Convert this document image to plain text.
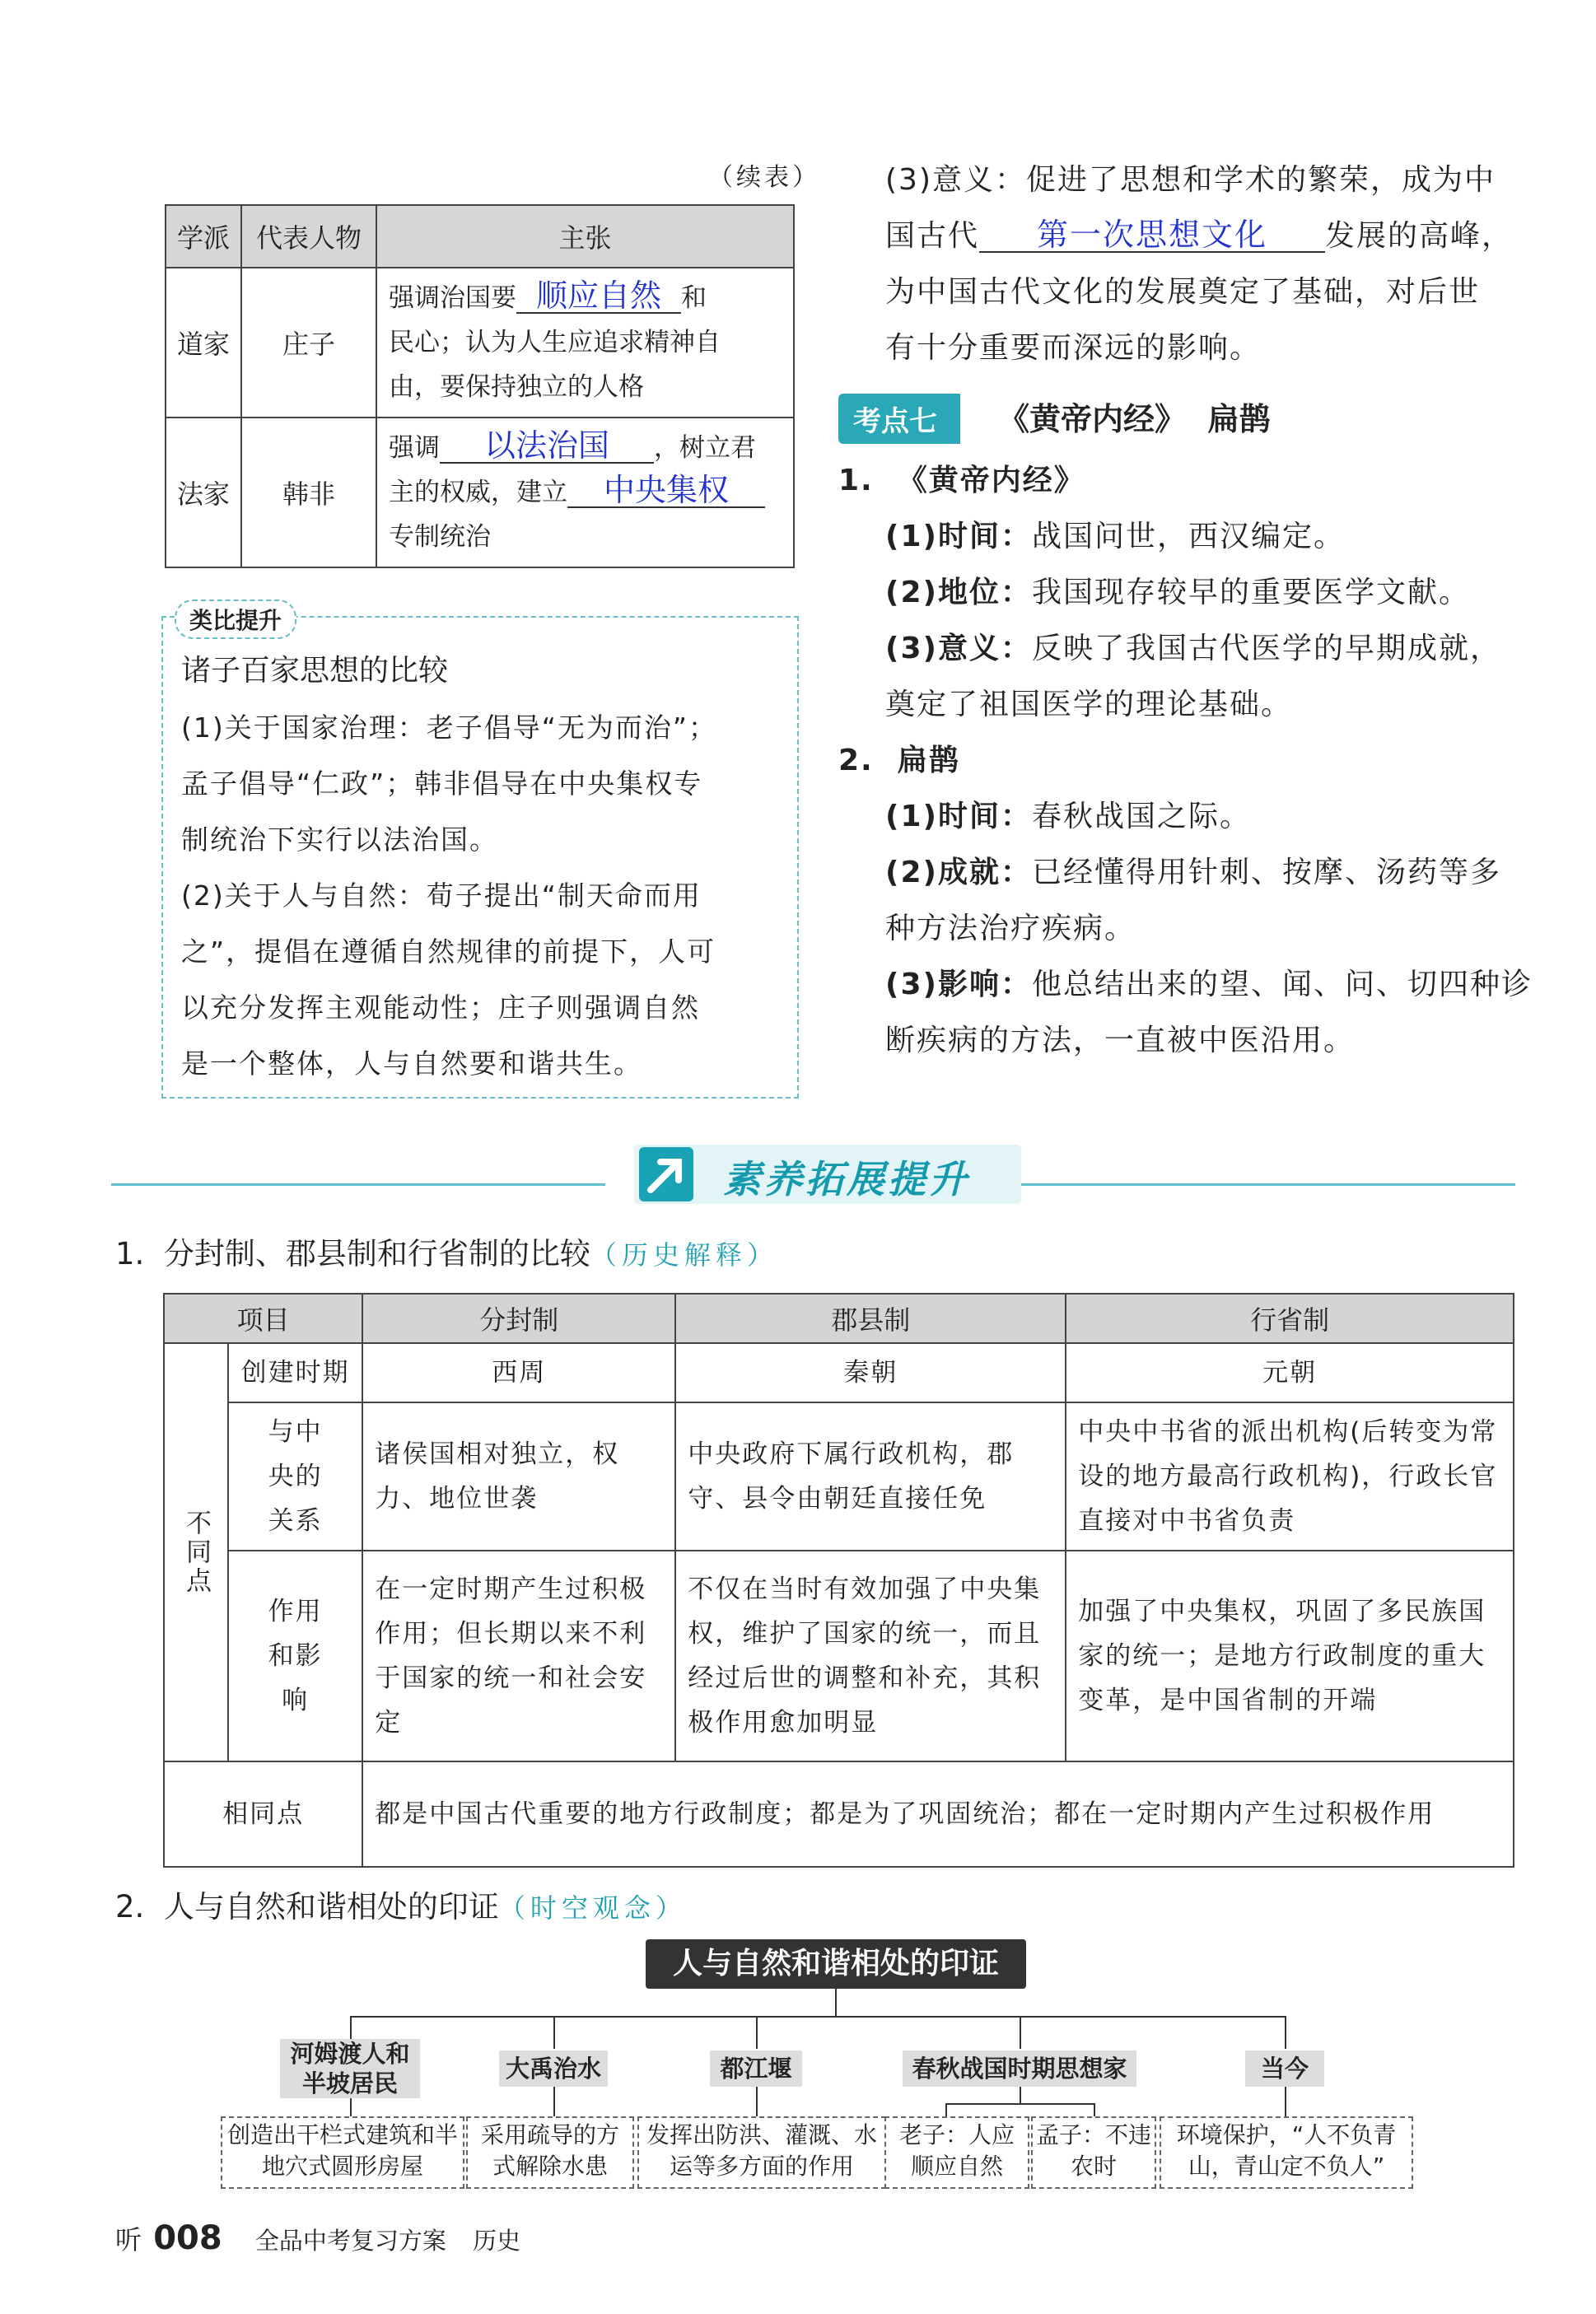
（续表）
学派	代表人物	主张
道家	庄子	强调治国要 顺应自然 和
民心；认为人生应追求精神自
由，要保持独立的人格

法家	韩非	强调 以法治国 ，树立君
主的权威，建立 中央集权
专制统治
类比提升
诸子百家思想的比较
(1)关于国家治理：老子倡导“无为而治”；
孟子倡导“仁政”；韩非倡导在中央集权专
制统治下实行以法治国。
(2)关于人与自然：荀子提出“制天命而用
之”，提倡在遵循自然规律的前提下，人可
以充分发挥主观能动性；庄子则强调自然
是一个整体，人与自然要和谐共生。
(3)意义：促进了思想和学术的繁荣，成为中
国古代 第一次思想文化 发展的高峰，
为中国古代文化的发展奠定了基础，对后世
有十分重要而深远的影响。
考点七	《黄帝内经》  扁鹊
1.  《黄帝内经》
(1)时间：战国问世，西汉编定。
(2)地位：我国现存较早的重要医学文献。
(3)意义：反映了我国古代医学的早期成就，
奠定了祖国医学的理论基础。
2.  扁鹊
(1)时间：春秋战国之际。
(2)成就：已经懂得用针刺、按摩、汤药等多
种方法治疗疾病。
(3)影响：他总结出来的望、闻、问、切四种诊
断疾病的方法，一直被中医沿用。
素养拓展提升
1. 分封制、郡县制和行省制的比较（历史解释）
项目		分封制	郡县制	行省制

不同点	创建时期	西周	秦朝	元朝
	与中央的关系	诸侯国相对独立，权力、地位世袭	中央政府下属行政机构，郡守、县令由朝廷直接任免	中央中书省的派出机构(后转变为常设的地方最高行政机构)，行政长官直接对中书省负责
	作用和影响	在一定时期产生过积极作用；但长期以来不利于国家的统一和社会安定	不仅在当时有效加强了中央集权，维护了国家的统一，而且经过后世的调整和补充，其积极作用愈加明显	加强了中央集权，巩固了多民族国家的统一；是地方行政制度的重大变革，是中国省制的开端
相同点		都是中国古代重要的地方行政制度；都是为了巩固统治；都在一定时期内产生过积极作用		
2. 人与自然和谐相处的印证（时空观念）
人与自然和谐相处的印证
河姆渡人和半坡居民
大禹治水	都江堰	春秋战国时期思想家	当今
创造出干栏式建筑和半地穴式圆形房屋
采用疏导的方式解除水患
发挥出防洪、灌溉、水运等多方面的作用
老子：人应顺应自然
孟子：不违农时
环境保护，“人不负青山，青山定不负人”
听 008 全品中考复习方案 历史
